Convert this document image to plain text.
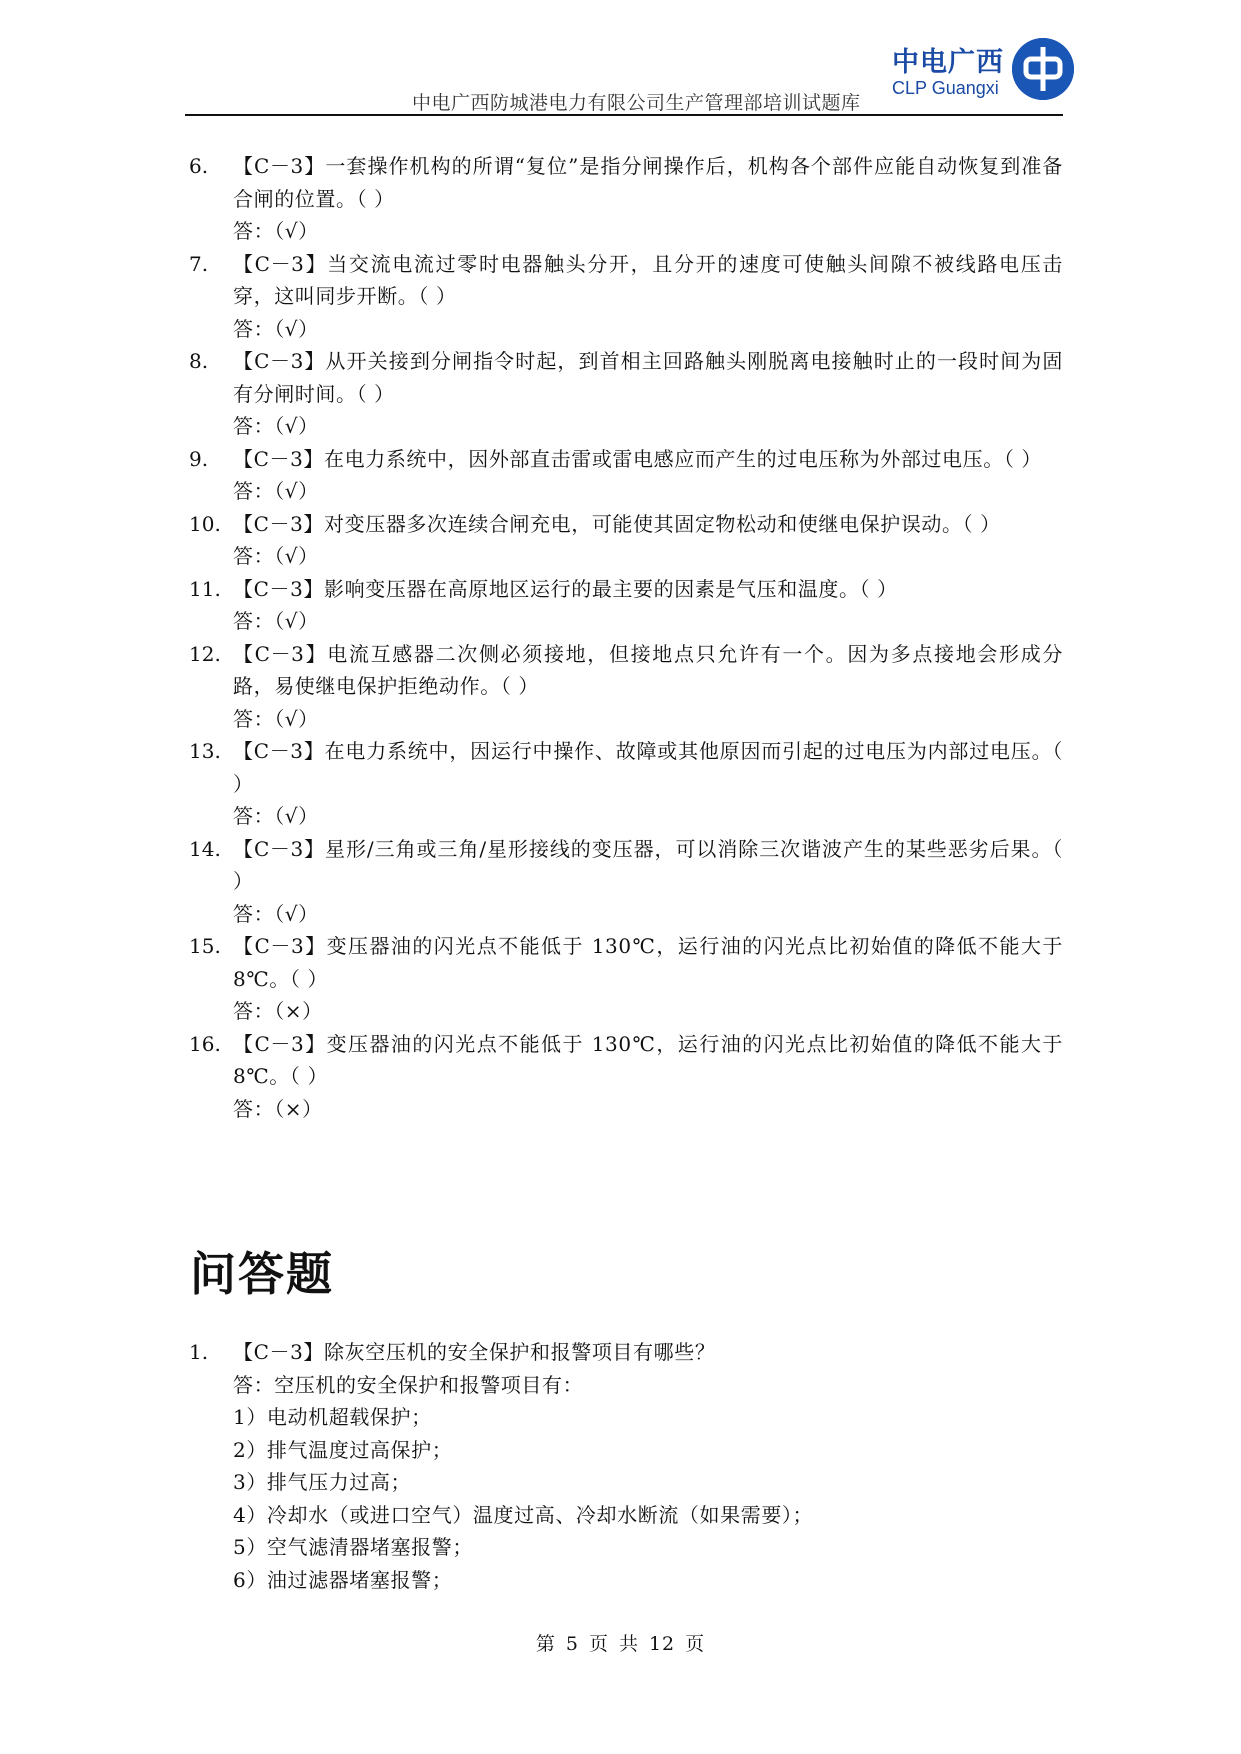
中电广西
CLP Guangxi
中电广西防城港电力有限公司生产管理部培训试题库
6. 【C－3】一套操作机构的所谓“复位”是指分闸操作后，机构各个部件应能自动恢复到准备合闸的位置。（ ）
答：（√）
7. 【C－3】当交流电流过零时电器触头分开，且分开的速度可使触头间隙不被线路电压击穿，这叫同步开断。（ ）
答：（√）
8. 【C－3】从开关接到分闸指令时起，到首相主回路触头刚脱离电接触时止的一段时间为固有分闸时间。（ ）
答：（√）
9. 【C－3】在电力系统中，因外部直击雷或雷电感应而产生的过电压称为外部过电压。（ ）
答：（√）
10. 【C－3】对变压器多次连续合闸充电，可能使其固定物松动和使继电保护误动。（ ）
答：（√）
11. 【C－3】影响变压器在高原地区运行的最主要的因素是气压和温度。（ ）
答：（√）
12. 【C－3】电流互感器二次侧必须接地，但接地点只允许有一个。因为多点接地会形成分路，易使继电保护拒绝动作。（ ）
答：（√）
13. 【C－3】在电力系统中，因运行中操作、故障或其他原因而引起的过电压为内部过电压。（ ）
答：（√）
14. 【C－3】星形/三角或三角/星形接线的变压器，可以消除三次谐波产生的某些恶劣后果。（ ）
答：（√）
15. 【C－3】变压器油的闪光点不能低于 130℃，运行油的闪光点比初始值的降低不能大于 8℃。（ ）
答：（×）
16. 【C－3】变压器油的闪光点不能低于 130℃，运行油的闪光点比初始值的降低不能大于 8℃。（ ）
答：（×）
问答题
1. 【C－3】除灰空压机的安全保护和报警项目有哪些？
答：空压机的安全保护和报警项目有：
1）电动机超载保护；
2）排气温度过高保护；
3）排气压力过高；
4）冷却水（或进口空气）温度过高、冷却水断流（如果需要）；
5）空气滤清器堵塞报警；
6）油过滤器堵塞报警；
第 5 页 共 12 页
